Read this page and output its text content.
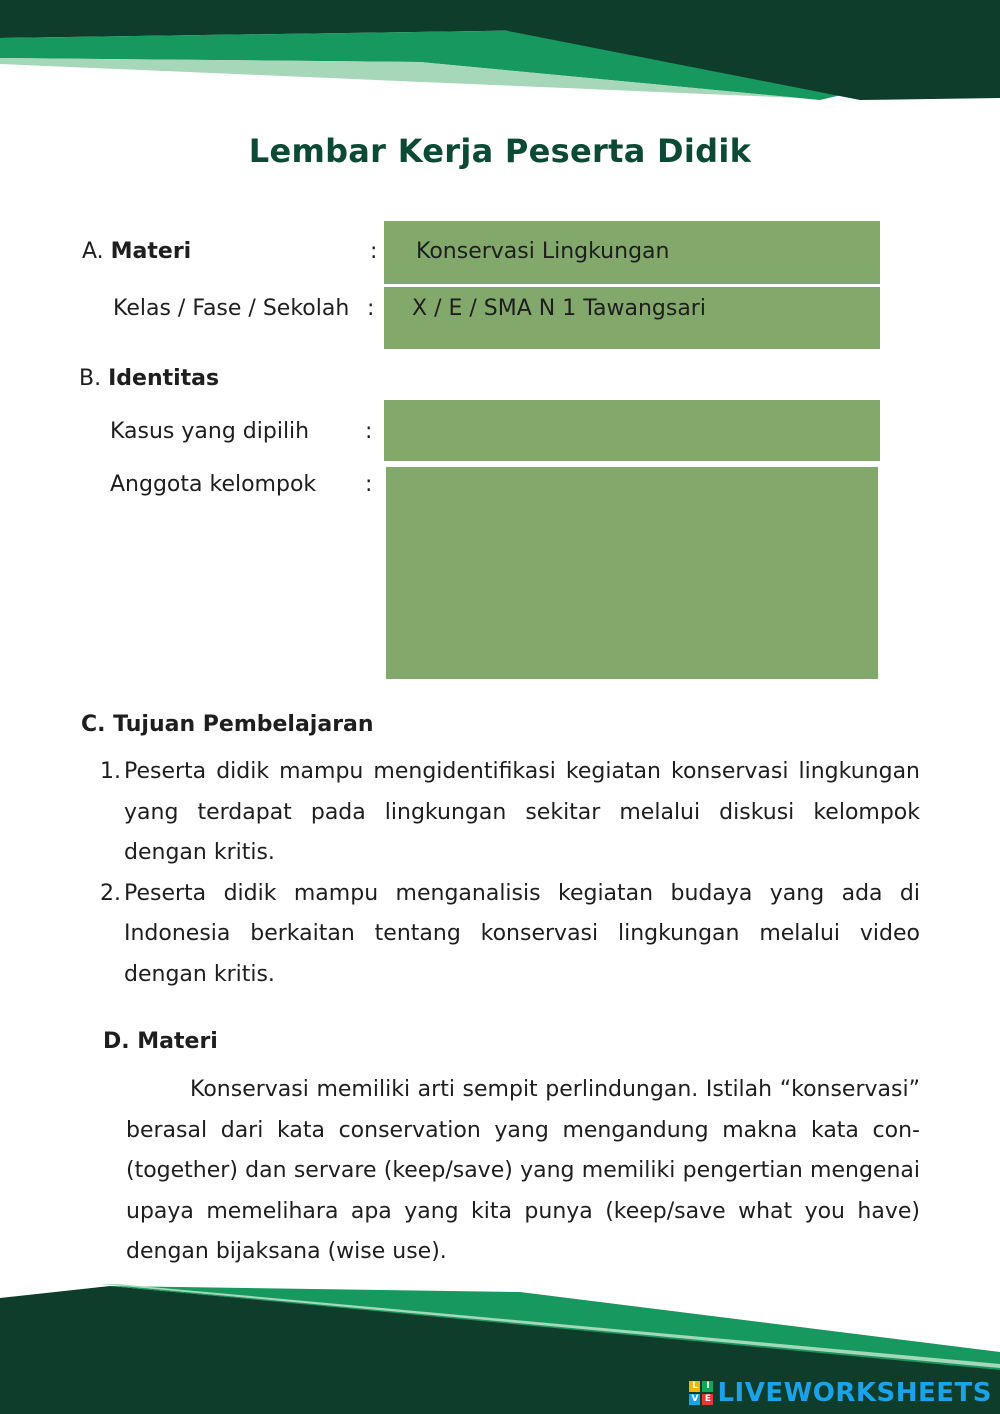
Lembar Kerja Peserta Didik
A. Materi	: Konservasi Lingkungan
Kelas / Fase / Sekolah : X / E / SMA N 1 Tawangsari
B. Identitas
Kasus yang dipilih	:
Anggota kelompok :
C. Tujuan Pembelajaran
1. Peserta didik mampu mengidentifikasi kegiatan konservasi lingkungan yang terdapat pada lingkungan sekitar melalui diskusi kelompok dengan kritis.
2. Peserta didik mampu menganalisis kegiatan budaya yang ada di Indonesia berkaitan tentang konservasi lingkungan melalui video dengan kritis.
D. Materi
Konservasi memiliki arti sempit perlindungan. Istilah “konservasi” berasal dari kata conservation yang mengandung makna kata con- (together) dan servare (keep/save) yang memiliki pengertian mengenai upaya memelihara apa yang kita punya (keep/save what you have) dengan bijaksana (wise use).
L I
V E LIVEWORKSHEETS
